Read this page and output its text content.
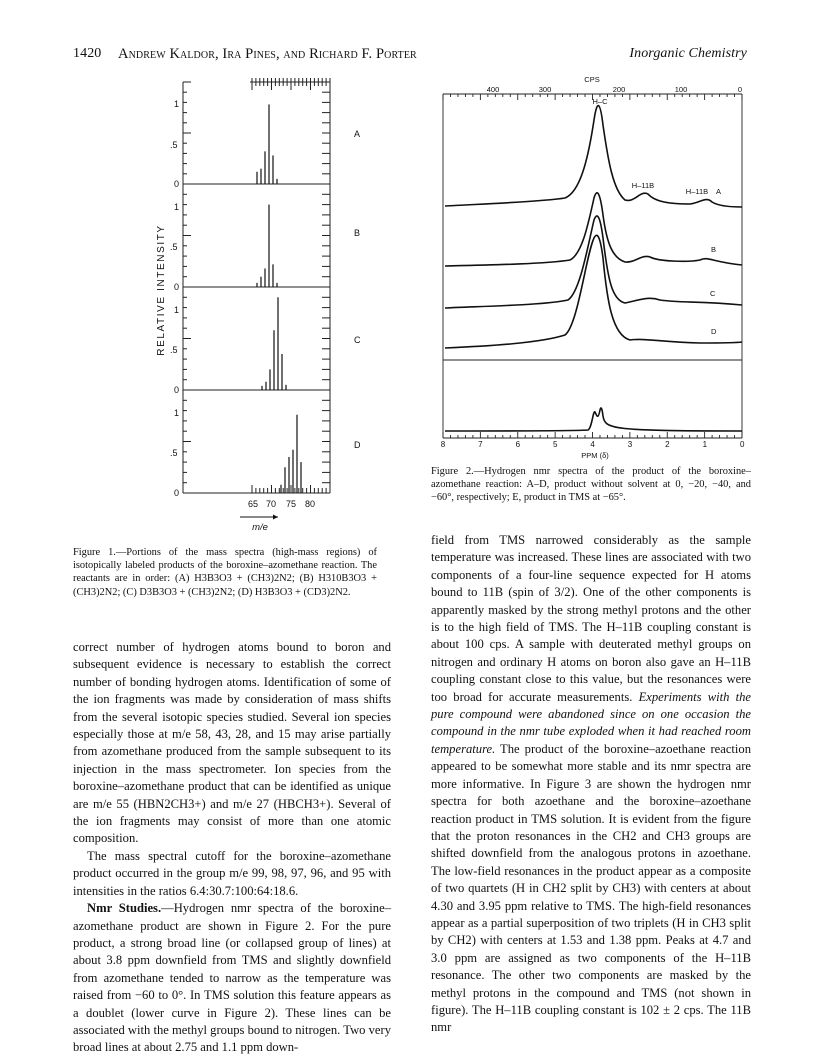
1420 Andrew Kaldor, Ira Pines, and Richard F. Porter	Inorganic Chemistry
1
.5
0
1
.5
0
1
.5
0
1
.5
0
A
B
C
D
65 70 75 80
RELATIVE INTENSITY
m/e
Figure 1.—Portions of the mass spectra (high-mass regions) of isotopically labeled products of the boroxine–azomethane reaction. The reactants are in order: (A) H3B3O3 + (CH3)2N2; (B) H310B3O3 + (CH3)2N2; (C) D3B3O3 + (CH3)2N2; (D) H3B3O3 + (CD3)2N2.
CPS
400	300	200	100	0
H–C
H–11B
H–11B A
B
C
D
PPM (δ)
8	7	6	5	4	3	2	1	0
Figure 2.—Hydrogen nmr spectra of the product of the boroxine–azomethane reaction: A–D, product without solvent at 0, −20, −40, and −60°, respectively; E, product in TMS at −65°.

correct number of hydrogen atoms bound to boron and subsequent evidence is necessary to establish the correct number of bonding hydrogen atoms. Identification of some of the ion fragments was made by consideration of mass shifts from the several isotopic species studied. Several ion species especially those at m/e 58, 43, 28, and 15 may arise partially from azomethane produced from the sample subsequent to its injection in the mass spectrometer. Ion species from the boroxine–azomethane product that can be identified as unique are m/e 55 (HBN2CH3+) and m/e 27 (HBCH3+). Several of the ion fragments may consist of more than one atomic composition.

The mass spectral cutoff for the boroxine–azomethane product occurred in the group m/e 99, 98, 97, 96, and 95 with intensities in the ratios 6.4:30.7:100:64:18.6.

Nmr Studies.—Hydrogen nmr spectra of the boroxine–azomethane product are shown in Figure 2. For the pure product, a strong broad line (or collapsed group of lines) at about 3.8 ppm downfield from TMS and slightly downfield from azomethane tended to narrow as the temperature was raised from −60 to 0°. In TMS solution this feature appears as a doublet (lower curve in Figure 2). These lines can be associated with the methyl groups bound to nitrogen. Two very broad lines at about 2.75 and 1.1 ppm down-

field from TMS narrowed considerably as the sample temperature was increased. These lines are associated with two components of a four-line sequence expected for H atoms bound to 11B (spin of 3/2). One of the other components is apparently masked by the strong methyl protons and the other is to the high field of TMS. The H–11B coupling constant is about 100 cps. A sample with deuterated methyl groups on nitrogen and ordinary H atoms on boron also gave an H–11B coupling constant close to this value, but the resonances were too broad for accurate measurements. Experiments with the pure compound were abandoned since on one occasion the compound in the nmr tube exploded when it had reached room temperature. The product of the boroxine–azoethane reaction appeared to be somewhat more stable and its nmr spectra are more informative. In Figure 3 are shown the hydrogen nmr spectra for both azoethane and the boroxine–azoethane reaction product in TMS solution. It is evident from the figure that the proton resonances in the CH2 and CH3 groups are shifted downfield from the analogous protons in azoethane. The low-field resonances in the product appear as a composite of two quartets (H in CH2 split by CH3) with centers at about 4.30 and 3.95 ppm relative to TMS. The high-field resonances appear as a partial superposition of two triplets (H in CH3 split by CH2) with centers at 1.53 and 1.38 ppm. Peaks at 4.7 and 3.0 ppm are assigned as two components of the H–11B resonance. The other two components are masked by the methyl protons in the compound and TMS (not shown in figure). The H–11B coupling constant is 102 ± 2 cps. The 11B nmr
